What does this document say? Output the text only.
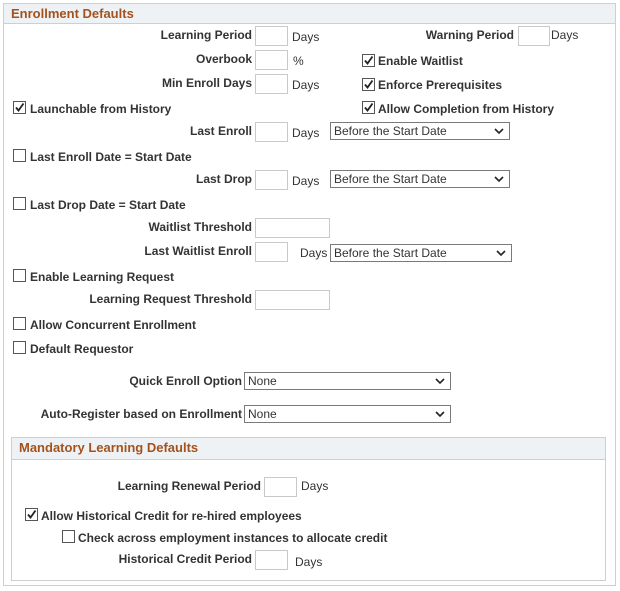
Enrollment Defaults
Learning Period	Days	Warning Period	Days
Overbook	%	Enable Waitlist
Min Enroll Days	Days	Enforce Prerequisites
Launchable from History	Allow Completion from History
Last Enroll	Days	Before the Start Date
Last Enroll Date = Start Date
Last Drop	Days	Before the Start Date
Last Drop Date = Start Date
Waitlist Threshold
Last Waitlist Enroll	Days Before the Start Date
Enable Learning Request
Learning Request Threshold
Allow Concurrent Enrollment
Default Requestor
Quick Enroll Option None
Auto-Register based on Enrollment None
Mandatory Learning Defaults
Learning Renewal Period	Days
Allow Historical Credit for re-hired employees
Check across employment instances to allocate credit
Historical Credit Period	Days
